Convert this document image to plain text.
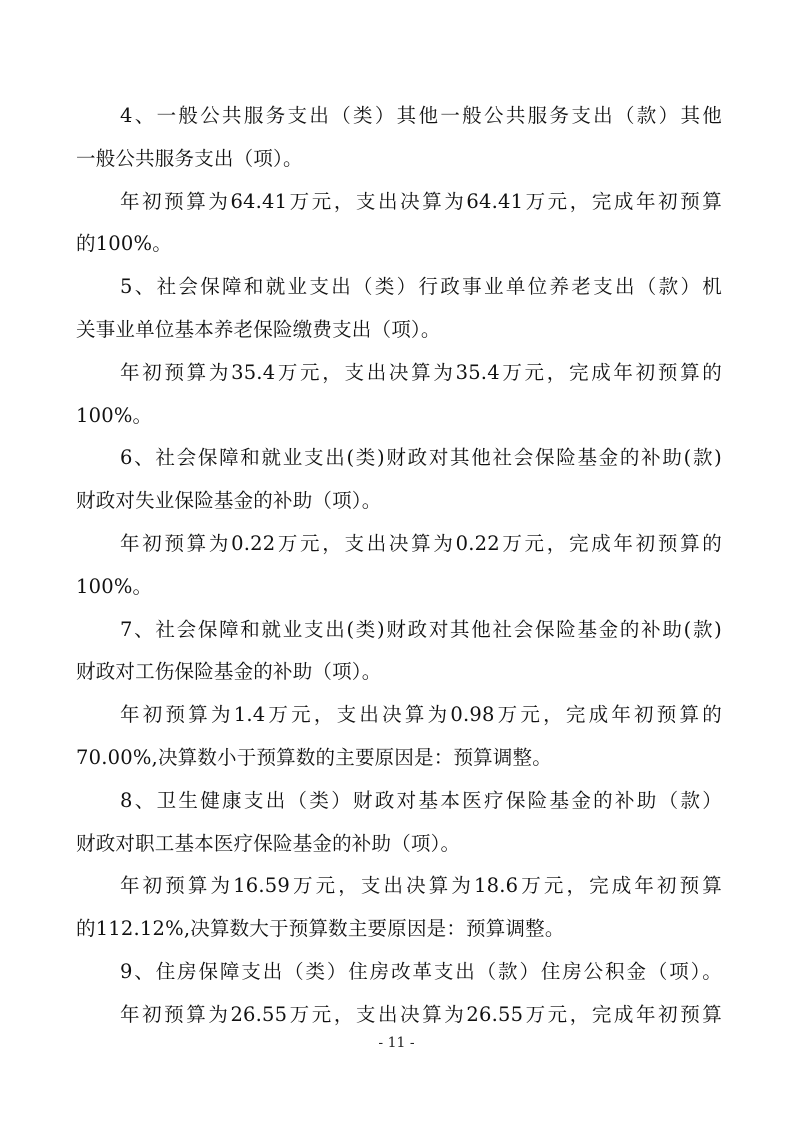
4、一般公共服务支出（类）其他一般公共服务支出（款）其他
一般公共服务支出（项）。
年初预算为64.41万元，支出决算为64.41万元，完成年初预算
的100%。
5、社会保障和就业支出（类）行政事业单位养老支出（款）机
关事业单位基本养老保险缴费支出（项）。
年初预算为35.4万元，支出决算为35.4万元，完成年初预算的
100%。
6、社会保障和就业支出(类)财政对其他社会保险基金的补助(款)
财政对失业保险基金的补助（项）。
年初预算为0.22万元，支出决算为0.22万元，完成年初预算的
100%。
7、社会保障和就业支出(类)财政对其他社会保险基金的补助(款)
财政对工伤保险基金的补助（项）。
年初预算为1.4万元，支出决算为0.98万元，完成年初预算的
70.00%,决算数小于预算数的主要原因是：预算调整。
8、卫生健康支出（类）财政对基本医疗保险基金的补助（款）
财政对职工基本医疗保险基金的补助（项）。
年初预算为16.59万元，支出决算为18.6万元，完成年初预算
的112.12%,决算数大于预算数主要原因是：预算调整。
9、住房保障支出（类）住房改革支出（款）住房公积金（项）。
年初预算为26.55万元，支出决算为26.55万元，完成年初预算
- 11 -
